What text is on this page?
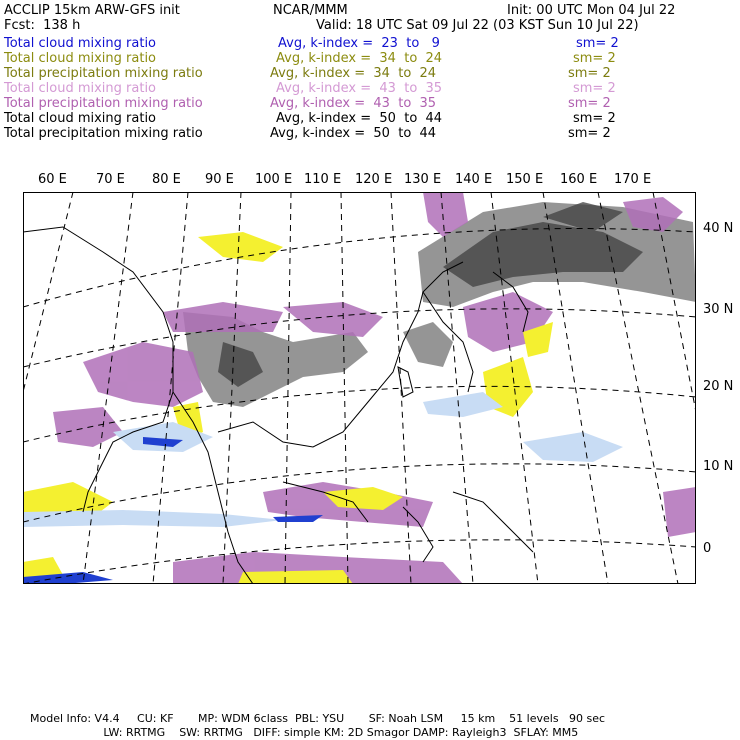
ACCLIP 15km ARW-GFS init	NCAR/MMM	Init: 00 UTC Mon 04 Jul 22
Fcst:  138 h	Valid: 18 UTC Sat 09 Jul 22 (03 KST Sun 10 Jul 22)
Total cloud mixing ratio	Avg, k-index =  23  to   9	sm= 2
Total cloud mixing ratio	Avg, k-index =  34  to  24	sm= 2
Total precipitation mixing ratio	Avg, k-index =  34  to  24	sm= 2
Total cloud mixing ratio	Avg, k-index =  43  to  35	sm= 2
Total precipitation mixing ratio	Avg, k-index =  43  to  35	sm= 2
Total cloud mixing ratio	Avg, k-index =  50  to  44	sm= 2
Total precipitation mixing ratio	Avg, k-index =  50  to  44	sm= 2
60 E 70 E 80 E 90 E 100 E 110 E 120 E 130 E 140 E 150 E 160 E 170 E
40 N
30 N
20 N
10 N
0
Model Info: V4.4     CU: KF       MP: WDM 6class  PBL: YSU       SF: Noah LSM     15 km    51 levels   90 sec
LW: RRTMG    SW: RRTMG   DIFF: simple KM: 2D Smagor DAMP: Rayleigh3  SFLAY: MM5
